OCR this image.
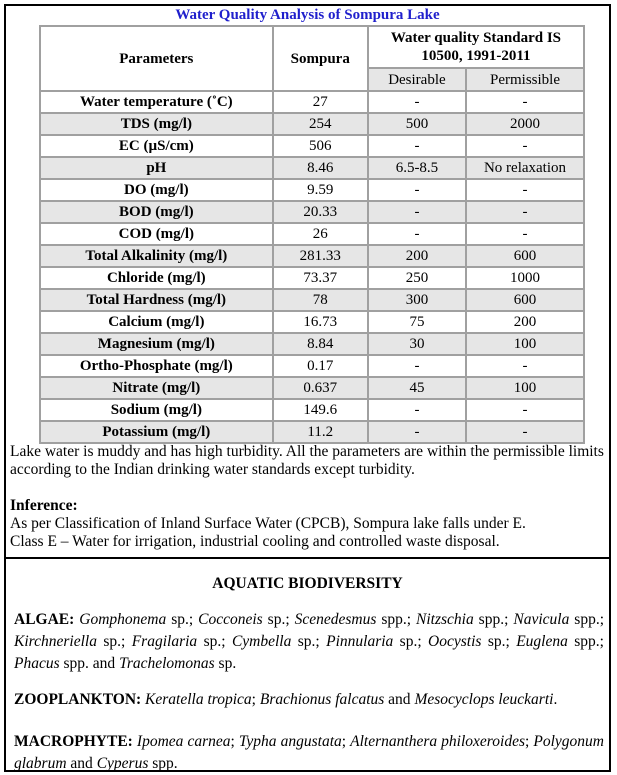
Water Quality Analysis of Sompura Lake
Parameters	Sompura	Water quality Standard IS 10500, 1991-2011	
		Desirable	Permissible
Water temperature (˚C)	27	-	-
TDS (mg/l)	254	500	2000
EC (µS/cm)	506	-	-
pH	8.46	6.5-8.5	No relaxation
DO (mg/l)	9.59	-	-
BOD (mg/l)	20.33	-	-
COD (mg/l)	26	-	-
Total Alkalinity (mg/l)	281.33	200	600
Chloride (mg/l)	73.37	250	1000
Total Hardness (mg/l)	78	300	600
Calcium (mg/l)	16.73	75	200
Magnesium (mg/l)	8.84	30	100
Ortho-Phosphate (mg/l)	0.17	-	-
Nitrate (mg/l)	0.637	45	100
Sodium (mg/l)	149.6	-	-
Potassium (mg/l)	11.2	-	-

Lake water is muddy and has high turbidity. All the parameters are within the permissible limits according to the Indian drinking water standards except turbidity.

Inference:

As per Classification of Inland Surface Water (CPCB), Sompura lake falls under E.

Class E – Water for irrigation, industrial cooling and controlled waste disposal.

AQUATIC BIODIVERSITY

ALGAE: Gomphonema sp.; Cocconeis sp.; Scenedesmus spp.; Nitzschia spp.; Navicula spp.; Kirchneriella sp.; Fragilaria sp.; Cymbella sp.; Pinnularia sp.; Oocystis sp.; Euglena spp.; Phacus spp. and Trachelomonas sp.

ZOOPLANKTON: Keratella tropica; Brachionus falcatus and Mesocyclops leuckarti.

MACROPHYTE: Ipomea carnea; Typha angustata; Alternanthera philoxeroides; Polygonum glabrum and Cyperus spp.
